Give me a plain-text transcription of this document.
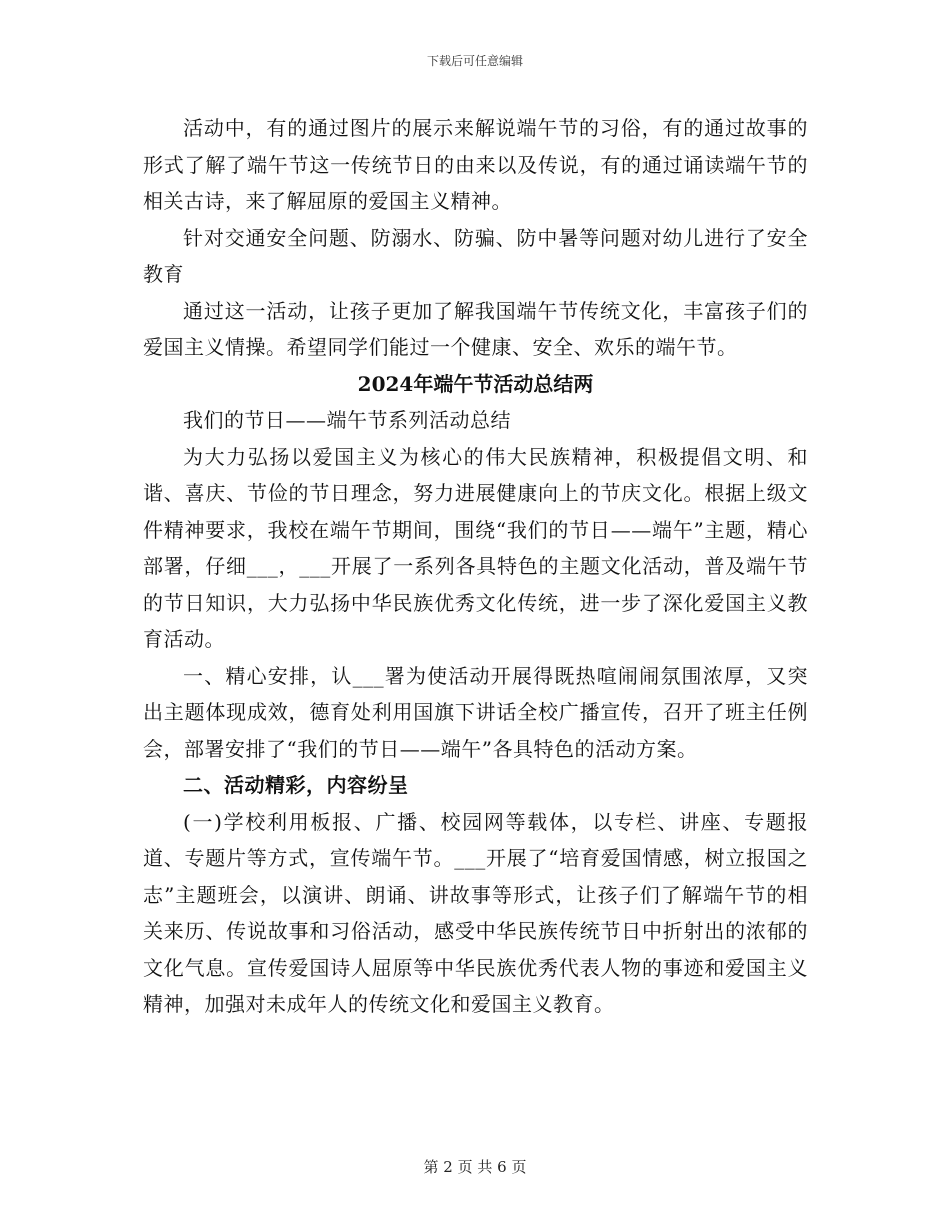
下载后可任意编辑

活动中，有的通过图片的展示来解说端午节的习俗，有的通过故事的形式了解了端午节这一传统节日的由来以及传说，有的通过诵读端午节的相关古诗，来了解屈原的爱国主义精神。

针对交通安全问题、防溺水、防骗、防中暑等问题对幼儿进行了安全教育

通过这一活动，让孩子更加了解我国端午节传统文化，丰富孩子们的爱国主义情操。希望同学们能过一个健康、安全、欢乐的端午节。

2024年端午节活动总结两

我们的节日——端午节系列活动总结

为大力弘扬以爱国主义为核心的伟大民族精神，积极提倡文明、和谐、喜庆、节俭的节日理念，努力进展健康向上的节庆文化。根据上级文件精神要求，我校在端午节期间，围绕“我们的节日——端午”主题，精心部署，仔细___，___开展了一系列各具特色的主题文化活动，普及端午节的节日知识，大力弘扬中华民族优秀文化传统，进一步了深化爱国主义教育活动。

一、精心安排，认___署为使活动开展得既热喧闹闹氛围浓厚，又突出主题体现成效，德育处利用国旗下讲话全校广播宣传，召开了班主任例会，部署安排了“我们的节日——端午”各具特色的活动方案。

二、活动精彩，内容纷呈

(一)学校利用板报、广播、校园网等载体，以专栏、讲座、专题报道、专题片等方式，宣传端午节。___开展了“培育爱国情感，树立报国之志”主题班会，以演讲、朗诵、讲故事等形式，让孩子们了解端午节的相关来历、传说故事和习俗活动，感受中华民族传统节日中折射出的浓郁的文化气息。宣传爱国诗人屈原等中华民族优秀代表人物的事迹和爱国主义精神，加强对未成年人的传统文化和爱国主义教育。

第 2 页 共 6 页
